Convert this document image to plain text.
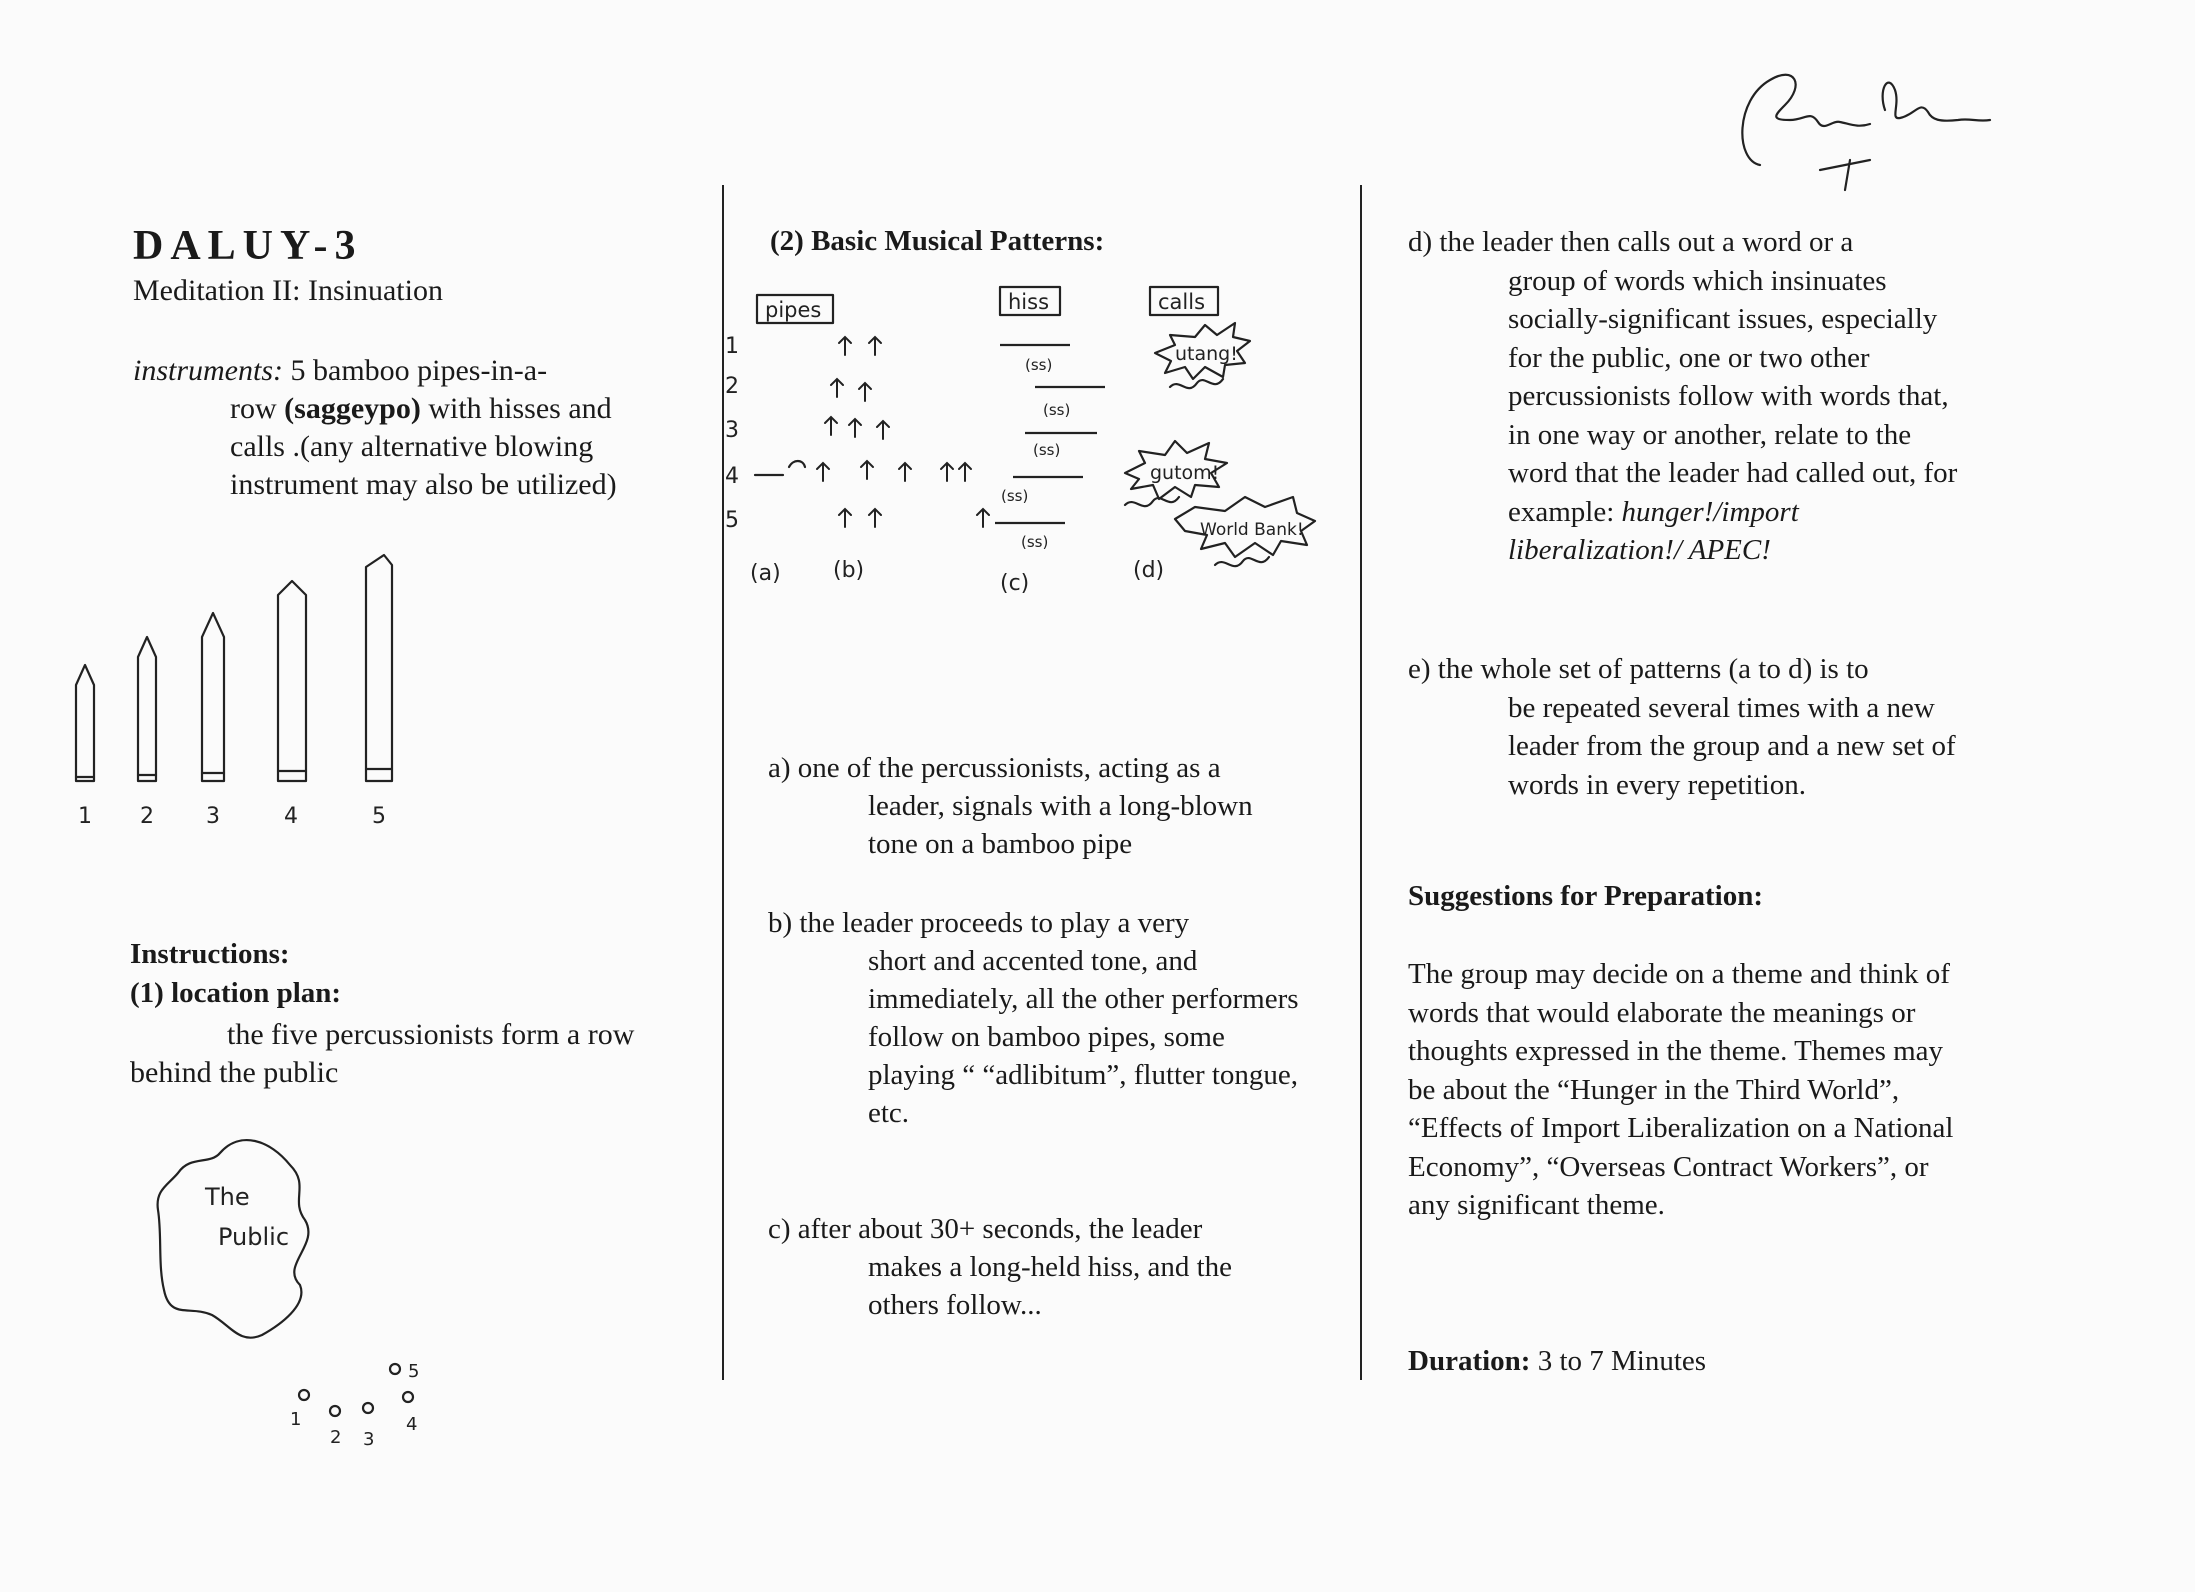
DALUY-3
Meditation II: Insinuation
instruments: 5 bamboo pipes-in-a-
row (saggeypo) with hisses and calls .(any alternative blowing instrument may also be utilized)
1 2 3	4	5
Instructions:
(1) location plan:
the five percussionists form a row behind the public
The
Public
1
2 3
4
5
(2) Basic Musical Patterns:
pipes	hiss	calls
1
2
3
4
5
(ss)
(ss)
(ss)
(ss)
(ss)
utang!
gutom!
World Bank!
(a) (b)
(c)
(d)
a) one of the percussionists, acting as a
leader, signals with a long-blown tone on a bamboo pipe
b) the leader proceeds to play a very
short and accented tone, and immediately, all the other performers follow on bamboo pipes, some playing “ “adlibitum”, flutter tongue, etc.
c) after about 30+ seconds, the leader
makes a long-held hiss, and the others follow...
d) the leader then calls out a word or a
group of words which insinuates socially-significant issues, especially for the public, one or two other percussionists follow with words that, in one way or another, relate to the word that the leader had called out, for example: hunger!/import liberalization!/ APEC!
e) the whole set of patterns (a to d) is to
be repeated several times with a new leader from the group and a new set of words in every repetition.
Suggestions for Preparation:
The group may decide on a theme and think of words that would elaborate the meanings or thoughts expressed in the theme. Themes may be about the “Hunger in the Third World”, “Effects of Import Liberalization on a National Economy”, “Overseas Contract Workers”, or any significant theme.
Duration: 3 to 7 Minutes
